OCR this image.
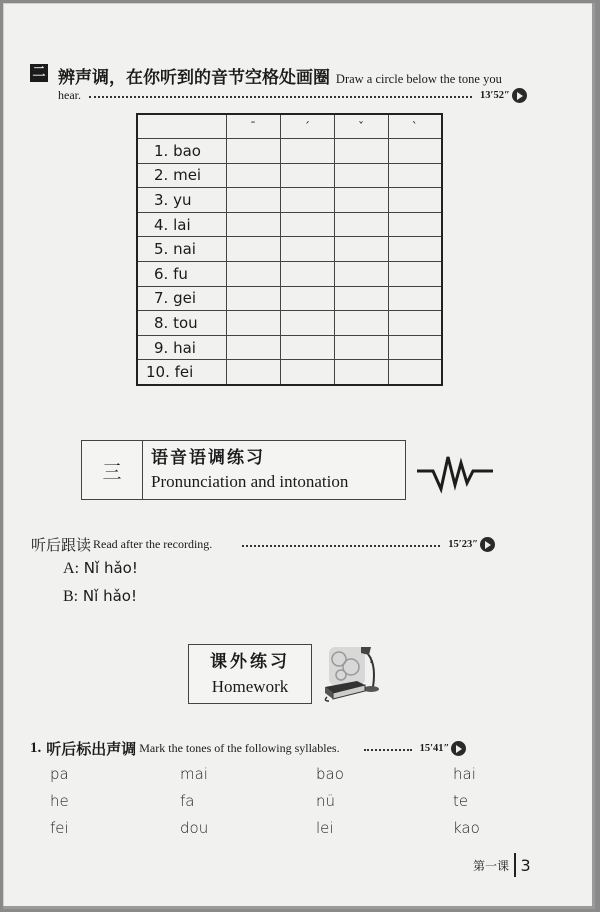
二 辨声调，在你听到的音节空格处画圈 Draw a circle below the tone you
hear.	13′52″
	ˉ	ˊ	ˇ	ˋ
1. bao				
2. mei				
3. yu				
4. lai				
5. nai				
6. fu				
7. gei				
8. tou				
9. hai				
10. fei				
三
语音语调练习
Pronunciation and intonation
听后跟读 Read after the recording.	15′23″
A: Nǐ hǎo!
B: Nǐ hǎo!
课外练习
Homework
1. 听后标出声调 Mark the tones of the following syllables.	15′41″
pa	mai	bao	hai
he	fa	nü	te
fei	dou	lei	kao
第一课 3
